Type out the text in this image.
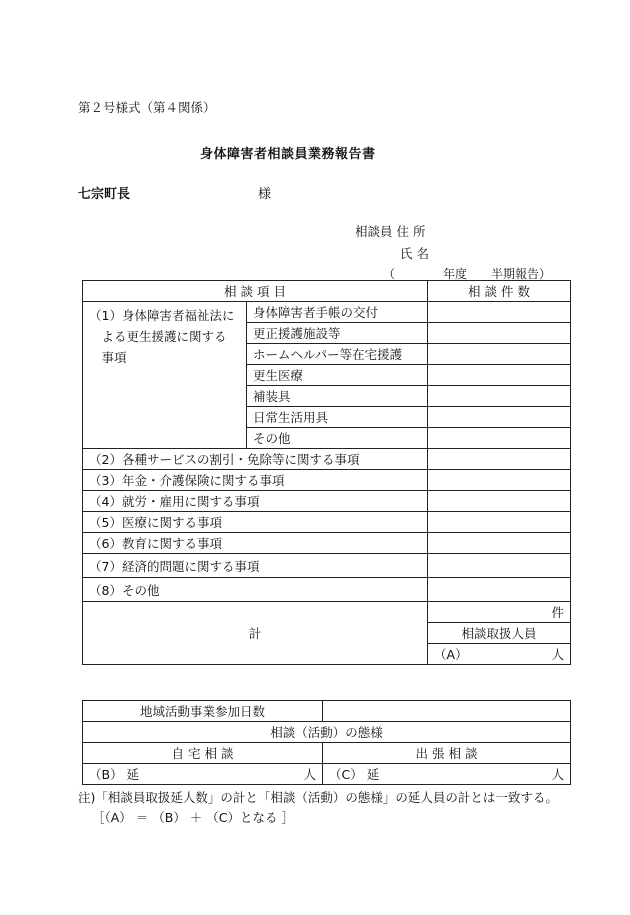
第２号様式（第４関係）
身体障害者相談員業務報告書
七宗町長	様
相談員 住 所
氏 名
（　　　　年度　　半期報告）
相 談 項 目		相 談 件 数

（1）身体障害者福祉法に
　よる更生援護に関する
　事項	身体障害者手帳の交付	
	更正援護施設等	
	ホームヘルパー等在宅援護	
	更生医療	
	補装具	
	日常生活用具	
	その他	
（2）各種サービスの割引・免除等に関する事項		
（3）年金・介護保険に関する事項		
（4）就労・雇用に関する事項		
（5）医療に関する事項		
（6）教育に関する事項		
（7）経済的問題に関する事項		
（8）その他		
計		件
		相談取扱人員
		（A） 人
地域活動事業参加日数	
相談（活動）の態様	
自 宅 相 談	出 張 相 談
（B） 延 人	（C） 延 人
注)「相談員取扱延人数」の計と「相談（活動）の態様」の延人員の計とは一致する。
［（A） ＝ （B） ＋ （C）となる ］
